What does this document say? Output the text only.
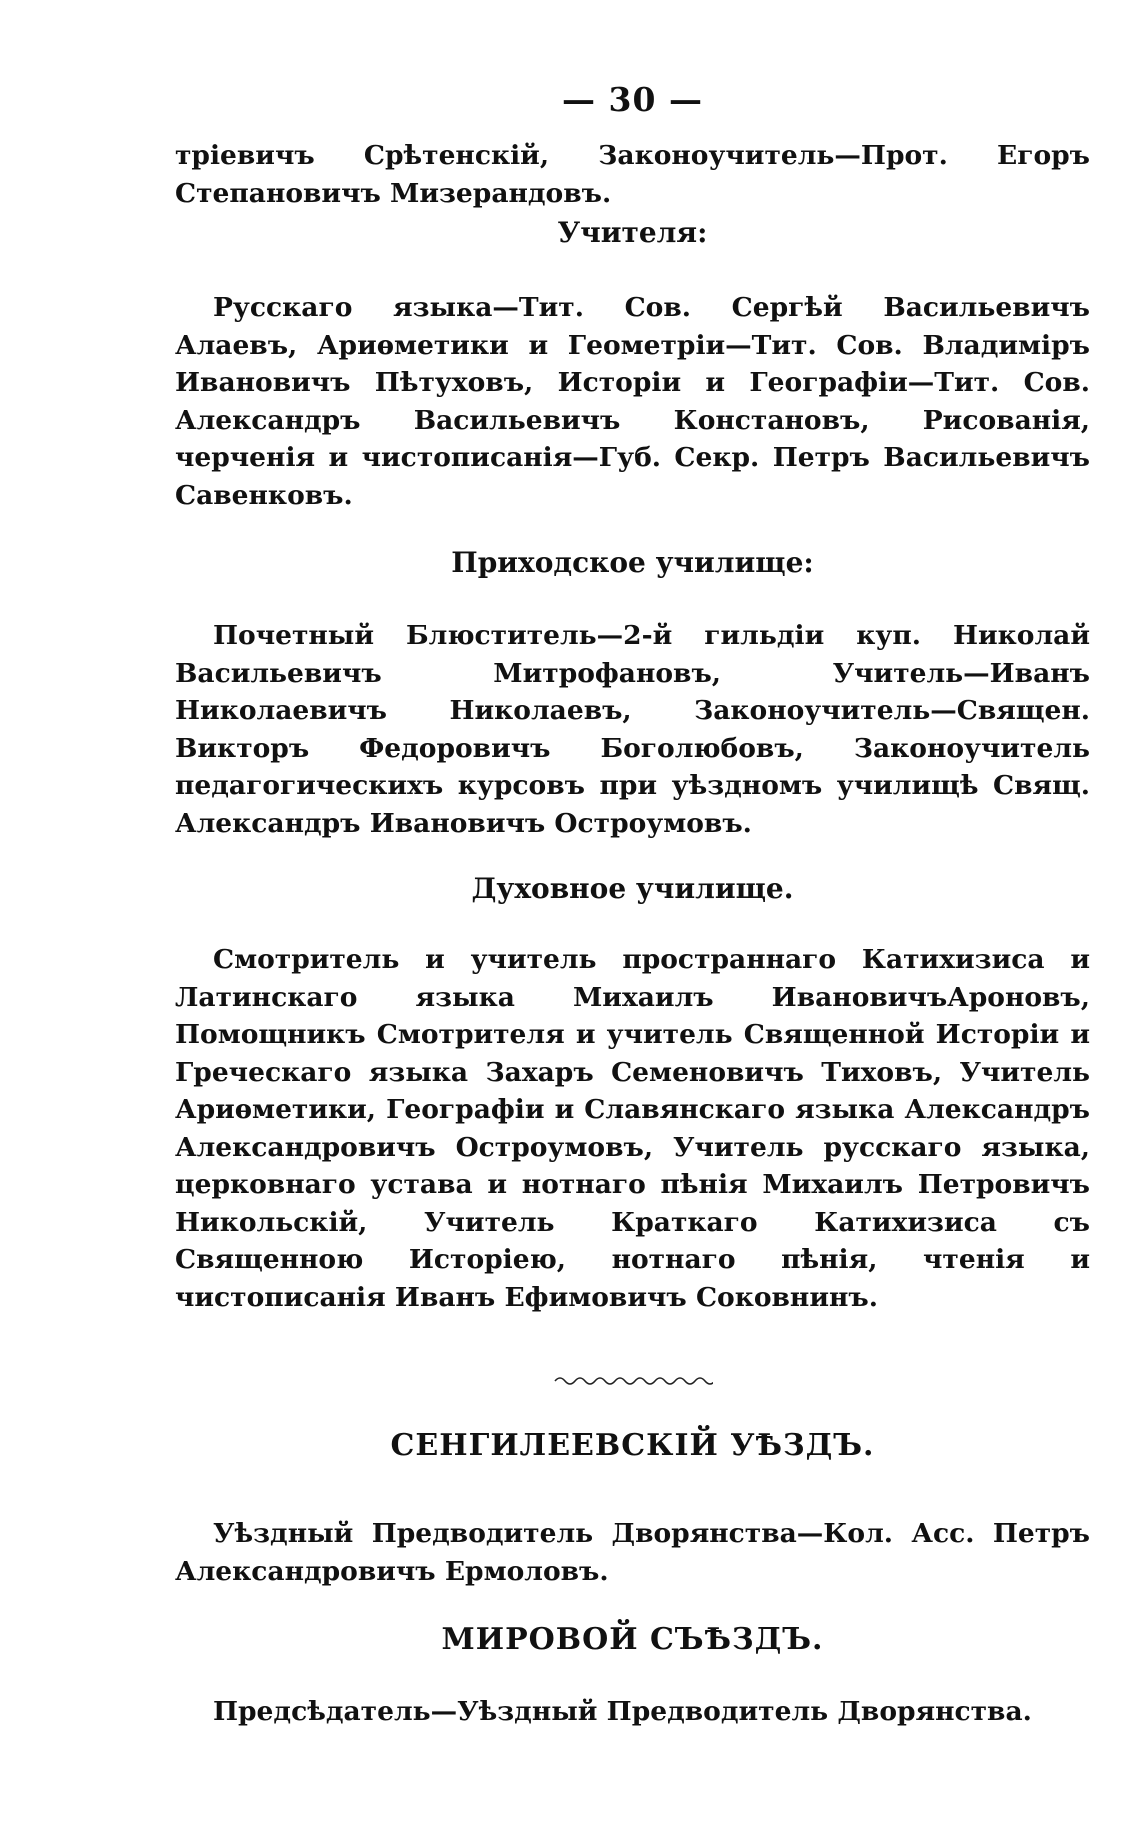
— 30 —

тріевичъ Срѣтенскій, Законоучитель—Прот. Егоръ Степановичъ Мизерандовъ.

Учителя:

Русскаго языка—Тит. Сов. Сергѣй Васильевичъ Алаевъ, Ариѳметики и Геометріи—Тит. Сов. Владиміръ Ивановичъ Пѣтуховъ, Исторіи и Географіи—Тит. Сов. Александръ Васильевичъ Констановъ, Рисованія, черченія и чистописанія—Губ. Секр. Петръ Васильевичъ Савенковъ.

Приходское училище:

Почетный Блюститель—2-й гильдіи куп. Николай Васильевичъ Митрофановъ, Учитель—Иванъ Николаевичъ Николаевъ, Законоучитель—Священ. Викторъ Федоровичъ Боголюбовъ, Законоучитель педагогическихъ курсовъ при уѣздномъ училищѣ Свящ. Александръ Ивановичъ Остроумовъ.

Духовное училище.

Смотритель и учитель пространнаго Катихизиса и Латинскаго языка Михаилъ ИвановичъАроновъ, Помощникъ Смотрителя и учитель Священной Исторіи и Греческаго языка Захаръ Семеновичъ Тиховъ, Учитель Ариѳметики, Географіи и Славянскаго языка Александръ Александровичъ Остроумовъ, Учитель русскаго языка, церковнаго устава и нотнаго пѣнія Михаилъ Петровичъ Никольскій, Учитель Краткаго Катихизиса съ Священною Исторіею, нотнаго пѣнія, чтенія и чистописанія Иванъ Ефимовичъ Соковнинъ.

СЕНГИЛЕЕВСКІЙ УѢЗДЪ.

Уѣздный Предводитель Дворянства—Кол. Асс. Петръ Александровичъ Ермоловъ.

МИРОВОЙ СЪѢЗДЪ.

Предсѣдатель—Уѣздный Предводитель Дворянства.
